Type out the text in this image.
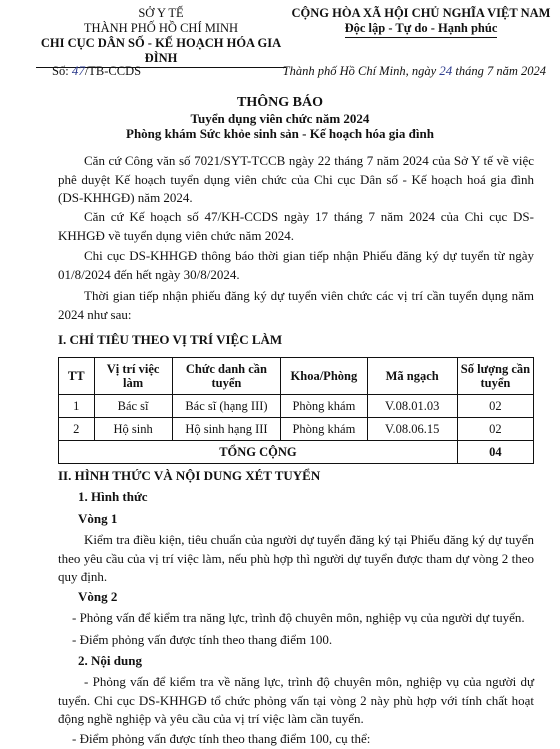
SỞ Y TẾ
THÀNH PHỐ HỒ CHÍ MINH
CHI CỤC DÂN SỐ - KẾ HOẠCH HÓA GIA ĐÌNH
CỘNG HÒA XÃ HỘI CHỦ NGHĨA VIỆT NAM
Độc lập - Tự do - Hạnh phúc
Số: 47/TB-CCDS	Thành phố Hồ Chí Minh, ngày 24 tháng 7 năm 2024
THÔNG BÁO
Tuyển dụng viên chức năm 2024
Phòng khám Sức khỏe sinh sản - Kế hoạch hóa gia đình
Căn cứ Công văn số 7021/SYT-TCCB ngày 22 tháng 7 năm 2024 của Sở Y tế về việc phê duyệt Kế hoạch tuyển dụng viên chức của Chi cục Dân số - Kế hoạch hoá gia đình (DS-KHHGĐ) năm 2024.
Căn cứ Kế hoạch số 47/KH-CCDS ngày 17 tháng 7 năm 2024 của Chi cục DS-KHHGĐ về tuyển dụng viên chức năm 2024.
Chi cục DS-KHHGĐ thông báo thời gian tiếp nhận Phiếu đăng ký dự tuyển từ ngày 01/8/2024 đến hết ngày 30/8/2024.
Thời gian tiếp nhận phiếu đăng ký dự tuyển viên chức các vị trí cần tuyển dụng năm 2024 như sau:
I. CHỈ TIÊU THEO VỊ TRÍ VIỆC LÀM
TT	Vị trí việc làm	Chức danh cần tuyển	Khoa/Phòng	Mã ngạch	Số lượng cần tuyển
1	Bác sĩ	Bác sĩ (hạng III)	Phòng khám	V.08.01.03	02
2	Hộ sinh	Hộ sinh hạng III	Phòng khám	V.08.06.15	02
TỔNG CỘNG					04
II. HÌNH THỨC VÀ NỘI DUNG XÉT TUYỂN
1. Hình thức
Vòng 1
Kiểm tra điều kiện, tiêu chuẩn của người dự tuyển đăng ký tại Phiếu đăng ký dự tuyển theo yêu cầu của vị trí việc làm, nếu phù hợp thì người dự tuyển được tham dự vòng 2 theo quy định.
Vòng 2
- Phỏng vấn để kiểm tra năng lực, trình độ chuyên môn, nghiệp vụ của người dự tuyển.
- Điểm phỏng vấn được tính theo thang điểm 100.
2. Nội dung
- Phỏng vấn để kiểm tra về năng lực, trình độ chuyên môn, nghiệp vụ của người dự tuyển. Chi cục DS-KHHGĐ tổ chức phỏng vấn tại vòng 2 này phù hợp với tính chất hoạt động nghề nghiệp và yêu cầu của vị trí việc làm cần tuyển.
- Điểm phỏng vấn được tính theo thang điểm 100, cụ thể:
